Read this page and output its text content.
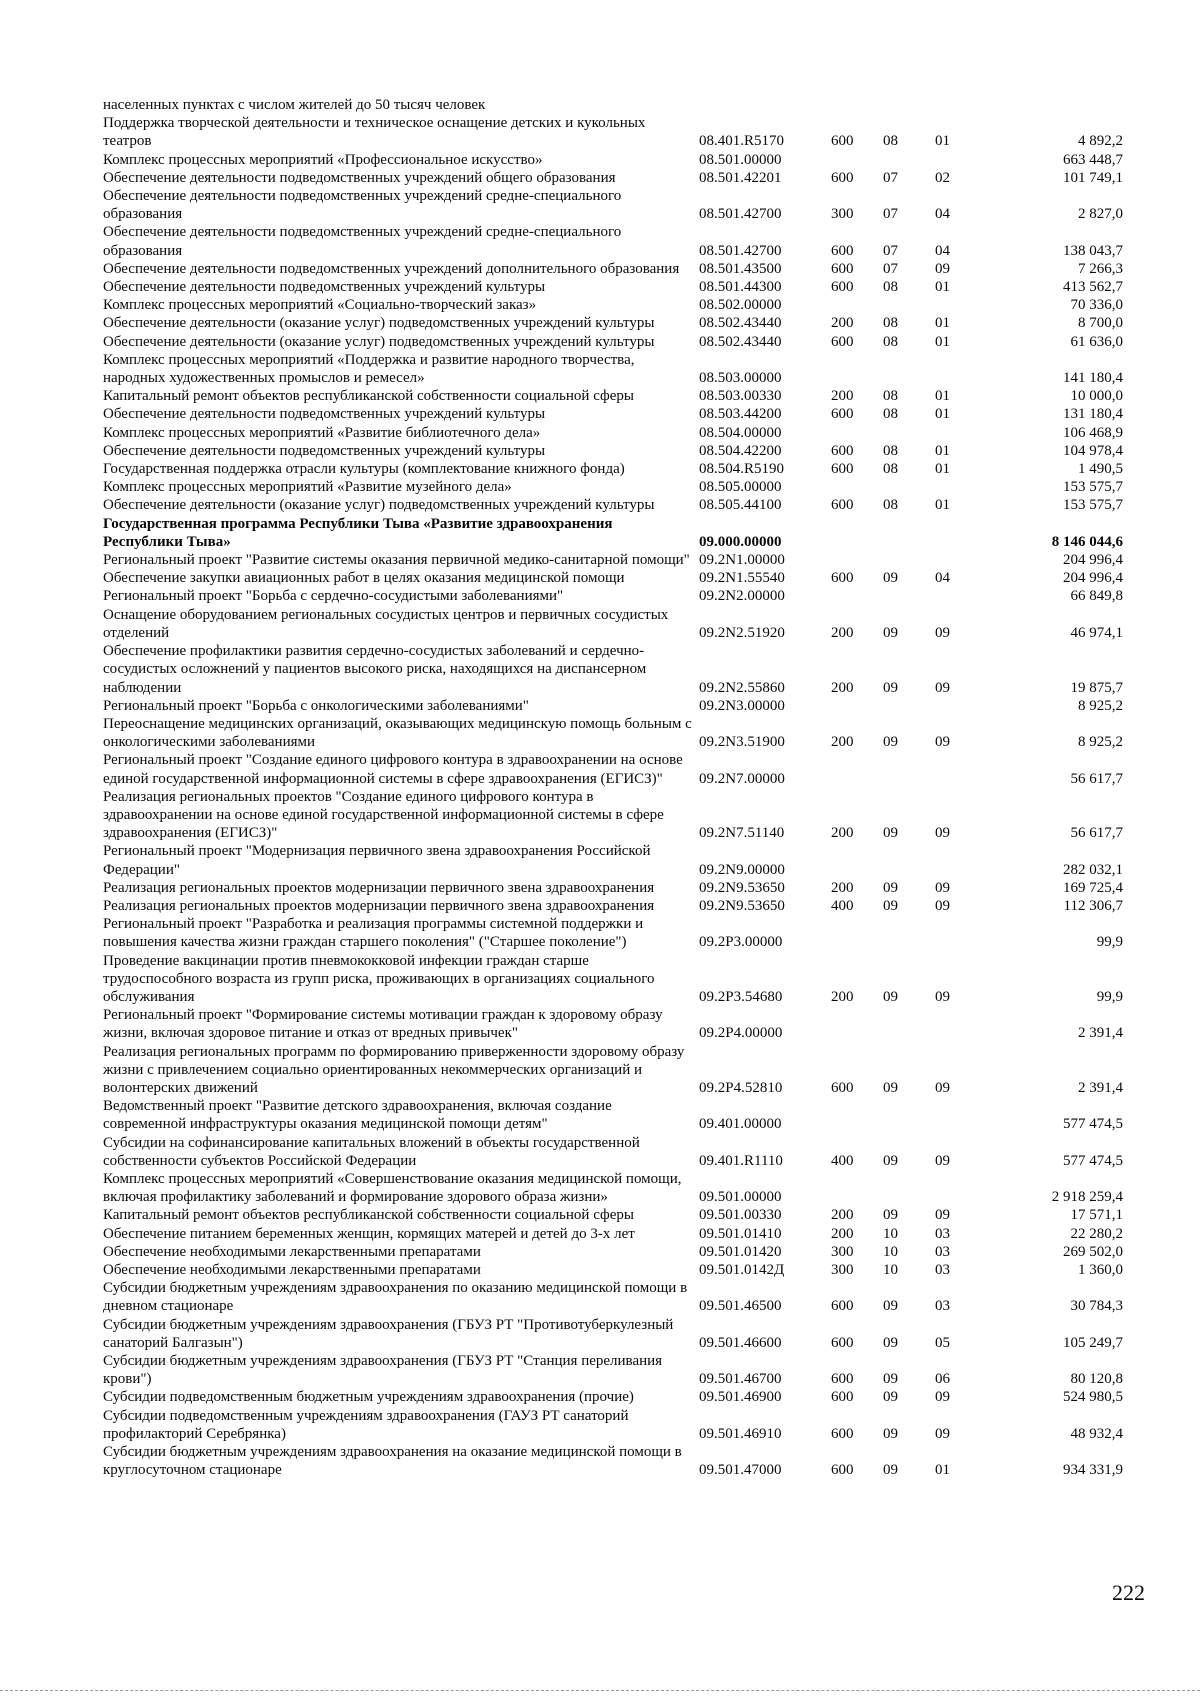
населенных пунктах с числом жителей до 50 тысяч человек					
Поддержка творческой деятельности и техническое оснащение детских и кукольных театров	08.401.R5170	600	08	01	4 892,2
Комплекс процессных мероприятий «Профессиональное искусство»	08.501.00000				663 448,7
Обеспечение деятельности подведомственных учреждений общего образования	08.501.42201	600	07	02	101 749,1
Обеспечение деятельности подведомственных учреждений средне-специального образования	08.501.42700	300	07	04	2 827,0
Обеспечение деятельности подведомственных учреждений средне-специального образования	08.501.42700	600	07	04	138 043,7
Обеспечение деятельности подведомственных учреждений дополнительного образования	08.501.43500	600	07	09	7 266,3
Обеспечение деятельности подведомственных учреждений культуры	08.501.44300	600	08	01	413 562,7
Комплекс процессных мероприятий «Социально-творческий заказ»	08.502.00000				70 336,0
Обеспечение деятельности (оказание услуг) подведомственных учреждений культуры	08.502.43440	200	08	01	8 700,0
Обеспечение деятельности (оказание услуг) подведомственных учреждений культуры	08.502.43440	600	08	01	61 636,0
Комплекс процессных мероприятий «Поддержка и развитие народного творчества, народных художественных промыслов и ремесел»	08.503.00000				141 180,4
Капитальный ремонт объектов республиканской собственности социальной сферы	08.503.00330	200	08	01	10 000,0
Обеспечение деятельности подведомственных учреждений культуры	08.503.44200	600	08	01	131 180,4
Комплекс процессных мероприятий «Развитие библиотечного дела»	08.504.00000				106 468,9
Обеспечение деятельности подведомственных учреждений культуры	08.504.42200	600	08	01	104 978,4
Государственная поддержка отрасли культуры (комплектование книжного фонда)	08.504.R5190	600	08	01	1 490,5
Комплекс процессных мероприятий «Развитие музейного дела»	08.505.00000				153 575,7
Обеспечение деятельности (оказание услуг) подведомственных учреждений культуры	08.505.44100	600	08	01	153 575,7
Государственная программа Республики Тыва «Развитие здравоохранения Республики Тыва»	09.000.00000				8 146 044,6
Региональный проект "Развитие системы оказания первичной медико-санитарной помощи"	09.2N1.00000				204 996,4
Обеспечение закупки авиационных работ в целях оказания медицинской помощи	09.2N1.55540	600	09	04	204 996,4
Региональный проект "Борьба с сердечно-сосудистыми заболеваниями"	09.2N2.00000				66 849,8
Оснащение оборудованием региональных сосудистых центров и первичных сосудистых отделений	09.2N2.51920	200	09	09	46 974,1
Обеспечение профилактики развития сердечно-сосудистых заболеваний и сердечно-сосудистых осложнений у пациентов высокого риска, находящихся на диспансерном наблюдении	09.2N2.55860	200	09	09	19 875,7
Региональный проект "Борьба с онкологическими заболеваниями"	09.2N3.00000				8 925,2
Переоснащение медицинских организаций, оказывающих медицинскую помощь больным с онкологическими заболеваниями	09.2N3.51900	200	09	09	8 925,2
Региональный проект "Создание единого цифрового контура в здравоохранении на основе единой государственной информационной системы в сфере здравоохранения (ЕГИСЗ)"	09.2N7.00000				56 617,7
Реализация региональных проектов "Создание единого цифрового контура в здравоохранении на основе единой государственной информационной системы в сфере здравоохранения (ЕГИСЗ)"	09.2N7.51140	200	09	09	56 617,7
Региональный проект "Модернизация первичного звена здравоохранения Российской Федерации"	09.2N9.00000				282 032,1
Реализация региональных проектов модернизации первичного звена здравоохранения	09.2N9.53650	200	09	09	169 725,4
Реализация региональных проектов модернизации первичного звена здравоохранения	09.2N9.53650	400	09	09	112 306,7
Региональный проект "Разработка и реализация программы системной поддержки и повышения качества жизни граждан старшего поколения" ("Старшее поколение")	09.2P3.00000				99,9
Проведение вакцинации против пневмококковой инфекции граждан старше трудоспособного возраста из групп риска, проживающих в организациях социального обслуживания	09.2P3.54680	200	09	09	99,9
Региональный проект "Формирование системы мотивации граждан к здоровому образу жизни, включая здоровое питание и отказ от вредных привычек"	09.2P4.00000				2 391,4
Реализация региональных программ по формированию приверженности здоровому образу жизни с привлечением социально ориентированных некоммерческих организаций и волонтерских движений	09.2P4.52810	600	09	09	2 391,4
Ведомственный проект "Развитие детского здравоохранения, включая создание современной инфраструктуры оказания медицинской помощи детям"	09.401.00000				577 474,5
Субсидии на софинансирование капитальных вложений в объекты государственной собственности субъектов Российской Федерации	09.401.R1110	400	09	09	577 474,5
Комплекс процессных мероприятий «Совершенствование оказания медицинской помощи, включая профилактику заболеваний и формирование здорового образа жизни»	09.501.00000				2 918 259,4
Капитальный ремонт объектов республиканской собственности социальной сферы	09.501.00330	200	09	09	17 571,1
Обеспечение питанием беременных женщин, кормящих матерей и детей до 3-х лет	09.501.01410	200	10	03	22 280,2
Обеспечение необходимыми лекарственными препаратами	09.501.01420	300	10	03	269 502,0
Обеспечение необходимыми лекарственными препаратами	09.501.0142Д	300	10	03	1 360,0
Субсидии бюджетным учреждениям здравоохранения по оказанию медицинской помощи в дневном стационаре	09.501.46500	600	09	03	30 784,3
Субсидии бюджетным учреждениям здравоохранения (ГБУЗ РТ "Противотуберкулезный санаторий Балгазын")	09.501.46600	600	09	05	105 249,7
Субсидии бюджетным учреждениям здравоохранения (ГБУЗ РТ "Станция переливания крови")	09.501.46700	600	09	06	80 120,8
Субсидии подведомственным бюджетным учреждениям здравоохранения (прочие)	09.501.46900	600	09	09	524 980,5
Субсидии подведомственным учреждениям здравоохранения (ГАУЗ РТ санаторий профилакторий Серебрянка)	09.501.46910	600	09	09	48 932,4
Субсидии бюджетным учреждениям здравоохранения на оказание медицинской помощи в круглосуточном стационаре	09.501.47000	600	09	01	934 331,9
222
